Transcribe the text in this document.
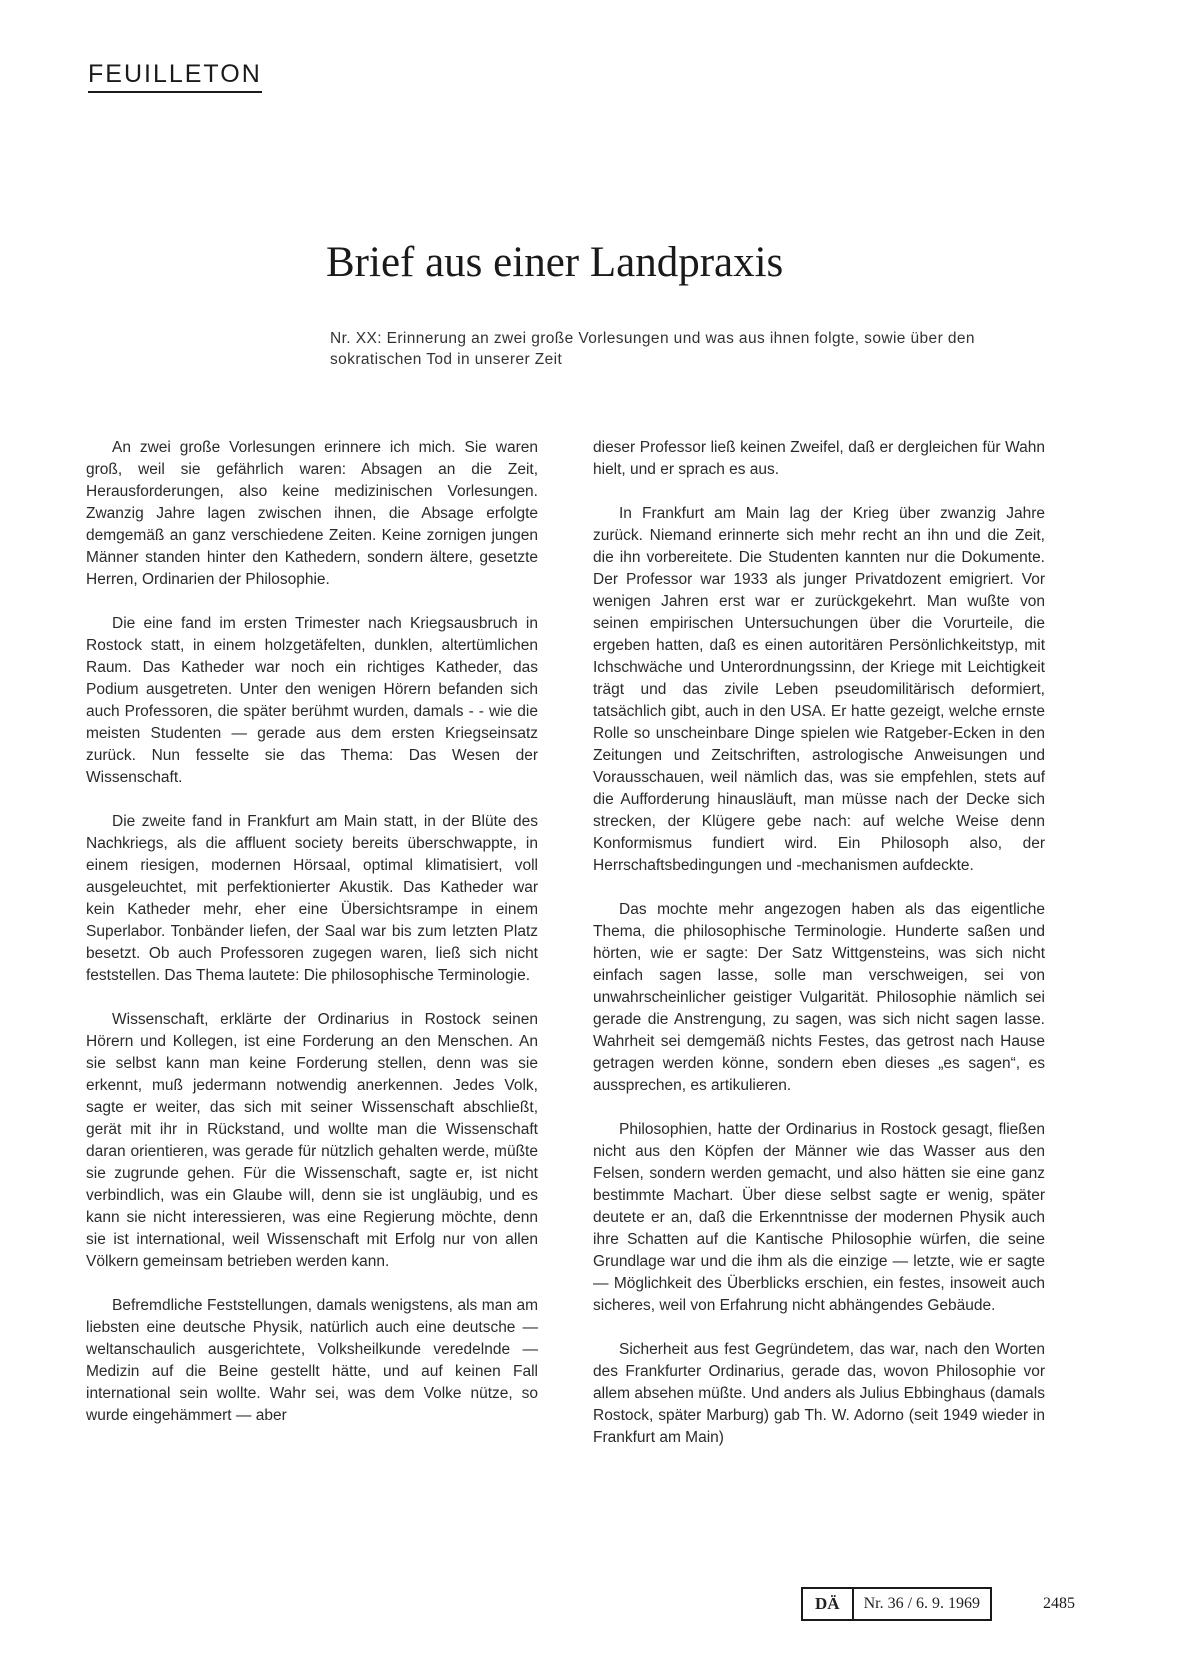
FEUILLETON
Brief aus einer Landpraxis
Nr. XX: Erinnerung an zwei große Vorlesungen und was aus ihnen folgte, sowie über den sokratischen Tod in unserer Zeit

An zwei große Vorlesungen erinnere ich mich. Sie waren groß, weil sie gefährlich waren: Absagen an die Zeit, Herausforderungen, also keine medizinischen Vorlesungen. Zwanzig Jahre lagen zwischen ihnen, die Absage erfolgte demgemäß an ganz verschiedene Zeiten. Keine zornigen jungen Männer standen hinter den Kathedern, sondern ältere, gesetzte Herren, Ordinarien der Philosophie.

Die eine fand im ersten Trimester nach Kriegsausbruch in Rostock statt, in einem holzgetäfelten, dunklen, altertümlichen Raum. Das Katheder war noch ein richtiges Katheder, das Podium ausgetreten. Unter den wenigen Hörern befanden sich auch Professoren, die später berühmt wurden, damals - - wie die meisten Studenten — gerade aus dem ersten Kriegseinsatz zurück. Nun fesselte sie das Thema: Das Wesen der Wissenschaft.

Die zweite fand in Frankfurt am Main statt, in der Blüte des Nachkriegs, als die affluent society bereits überschwappte, in einem riesigen, modernen Hörsaal, optimal klimatisiert, voll ausgeleuchtet, mit perfektionierter Akustik. Das Katheder war kein Katheder mehr, eher eine Übersichtsrampe in einem Superlabor. Tonbänder liefen, der Saal war bis zum letzten Platz besetzt. Ob auch Professoren zugegen waren, ließ sich nicht feststellen. Das Thema lautete: Die philosophische Terminologie.

Wissenschaft, erklärte der Ordinarius in Rostock seinen Hörern und Kollegen, ist eine Forderung an den Menschen. An sie selbst kann man keine Forderung stellen, denn was sie erkennt, muß jedermann notwendig anerkennen. Jedes Volk, sagte er weiter, das sich mit seiner Wissenschaft abschließt, gerät mit ihr in Rückstand, und wollte man die Wissenschaft daran orientieren, was gerade für nützlich gehalten werde, müßte sie zugrunde gehen. Für die Wissenschaft, sagte er, ist nicht verbindlich, was ein Glaube will, denn sie ist ungläubig, und es kann sie nicht interessieren, was eine Regierung möchte, denn sie ist international, weil Wissenschaft mit Erfolg nur von allen Völkern gemeinsam betrieben werden kann.

Befremdliche Feststellungen, damals wenigstens, als man am liebsten eine deutsche Physik, natürlich auch eine deutsche — weltanschaulich ausgerichtete, Volksheilkunde veredelnde — Medizin auf die Beine gestellt hätte, und auf keinen Fall international sein wollte. Wahr sei, was dem Volke nütze, so wurde eingehämmert — aber

dieser Professor ließ keinen Zweifel, daß er dergleichen für Wahn hielt, und er sprach es aus.

In Frankfurt am Main lag der Krieg über zwanzig Jahre zurück. Niemand erinnerte sich mehr recht an ihn und die Zeit, die ihn vorbereitete. Die Studenten kannten nur die Dokumente. Der Professor war 1933 als junger Privatdozent emigriert. Vor wenigen Jahren erst war er zurückgekehrt. Man wußte von seinen empirischen Untersuchungen über die Vorurteile, die ergeben hatten, daß es einen autoritären Persönlichkeitstyp, mit Ichschwäche und Unterordnungssinn, der Kriege mit Leichtigkeit trägt und das zivile Leben pseudomilitärisch deformiert, tatsächlich gibt, auch in den USA. Er hatte gezeigt, welche ernste Rolle so unscheinbare Dinge spielen wie Ratgeber-Ecken in den Zeitungen und Zeitschriften, astrologische Anweisungen und Vorausschauen, weil nämlich das, was sie empfehlen, stets auf die Aufforderung hinausläuft, man müsse nach der Decke sich strecken, der Klügere gebe nach: auf welche Weise denn Konformismus fundiert wird. Ein Philosoph also, der Herrschaftsbedingungen und -mechanismen aufdeckte.

Das mochte mehr angezogen haben als das eigentliche Thema, die philosophische Terminologie. Hunderte saßen und hörten, wie er sagte: Der Satz Wittgensteins, was sich nicht einfach sagen lasse, solle man verschweigen, sei von unwahrscheinlicher geistiger Vulgarität. Philosophie nämlich sei gerade die Anstrengung, zu sagen, was sich nicht sagen lasse. Wahrheit sei demgemäß nichts Festes, das getrost nach Hause getragen werden könne, sondern eben dieses „es sagen“, es aussprechen, es artikulieren.

Philosophien, hatte der Ordinarius in Rostock gesagt, fließen nicht aus den Köpfen der Männer wie das Wasser aus den Felsen, sondern werden gemacht, und also hätten sie eine ganz bestimmte Machart. Über diese selbst sagte er wenig, später deutete er an, daß die Erkenntnisse der modernen Physik auch ihre Schatten auf die Kantische Philosophie würfen, die seine Grundlage war und die ihm als die einzige — letzte, wie er sagte — Möglichkeit des Überblicks erschien, ein festes, insoweit auch sicheres, weil von Erfahrung nicht abhängendes Gebäude.

Sicherheit aus fest Gegründetem, das war, nach den Worten des Frankfurter Ordinarius, gerade das, wovon Philosophie vor allem absehen müßte. Und anders als Julius Ebbinghaus (damals Rostock, später Marburg) gab Th. W. Adorno (seit 1949 wieder in Frankfurt am Main)

DÄ	Nr. 36 / 6. 9. 1969	2485
